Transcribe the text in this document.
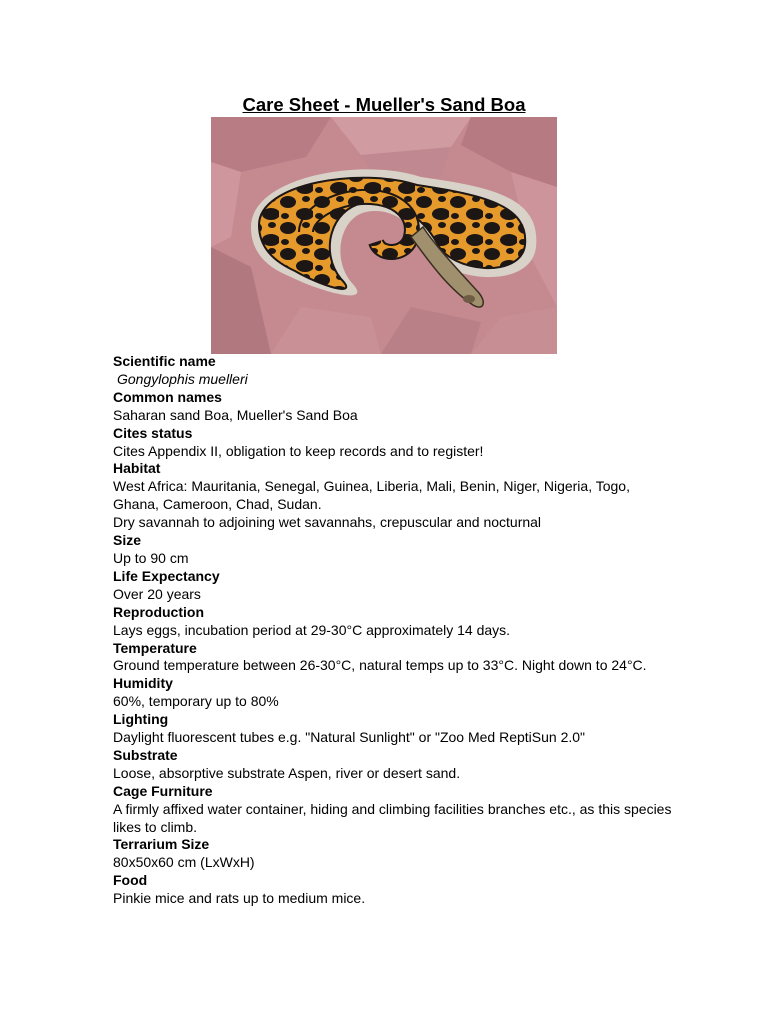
Care Sheet - Mueller's Sand Boa

Scientific name

Gongylophis muelleri

Common names

Saharan sand Boa, Mueller's Sand Boa

Cites status

Cites Appendix II, obligation to keep records and to register!

Habitat

West Africa: Mauritania, Senegal, Guinea, Liberia, Mali, Benin, Niger, Nigeria, Togo, Ghana, Cameroon, Chad, Sudan.

Dry savannah to adjoining wet savannahs, crepuscular and nocturnal

Size

Up to 90 cm

Life Expectancy

Over 20 years

Reproduction

Lays eggs, incubation period at 29-30°C approximately 14 days.

Temperature

Ground temperature between 26-30°C, natural temps up to 33°C. Night down to 24°C.

Humidity

60%, temporary up to 80%

Lighting

Daylight fluorescent tubes e.g. "Natural Sunlight" or "Zoo Med ReptiSun 2.0"

Substrate

Loose, absorptive substrate Aspen, river or desert sand.

Cage Furniture

A firmly affixed water container, hiding and climbing facilities branches etc., as this species likes to climb.

Terrarium Size

80x50x60 cm (LxWxH)

Food

Pinkie mice and rats up to medium mice.
